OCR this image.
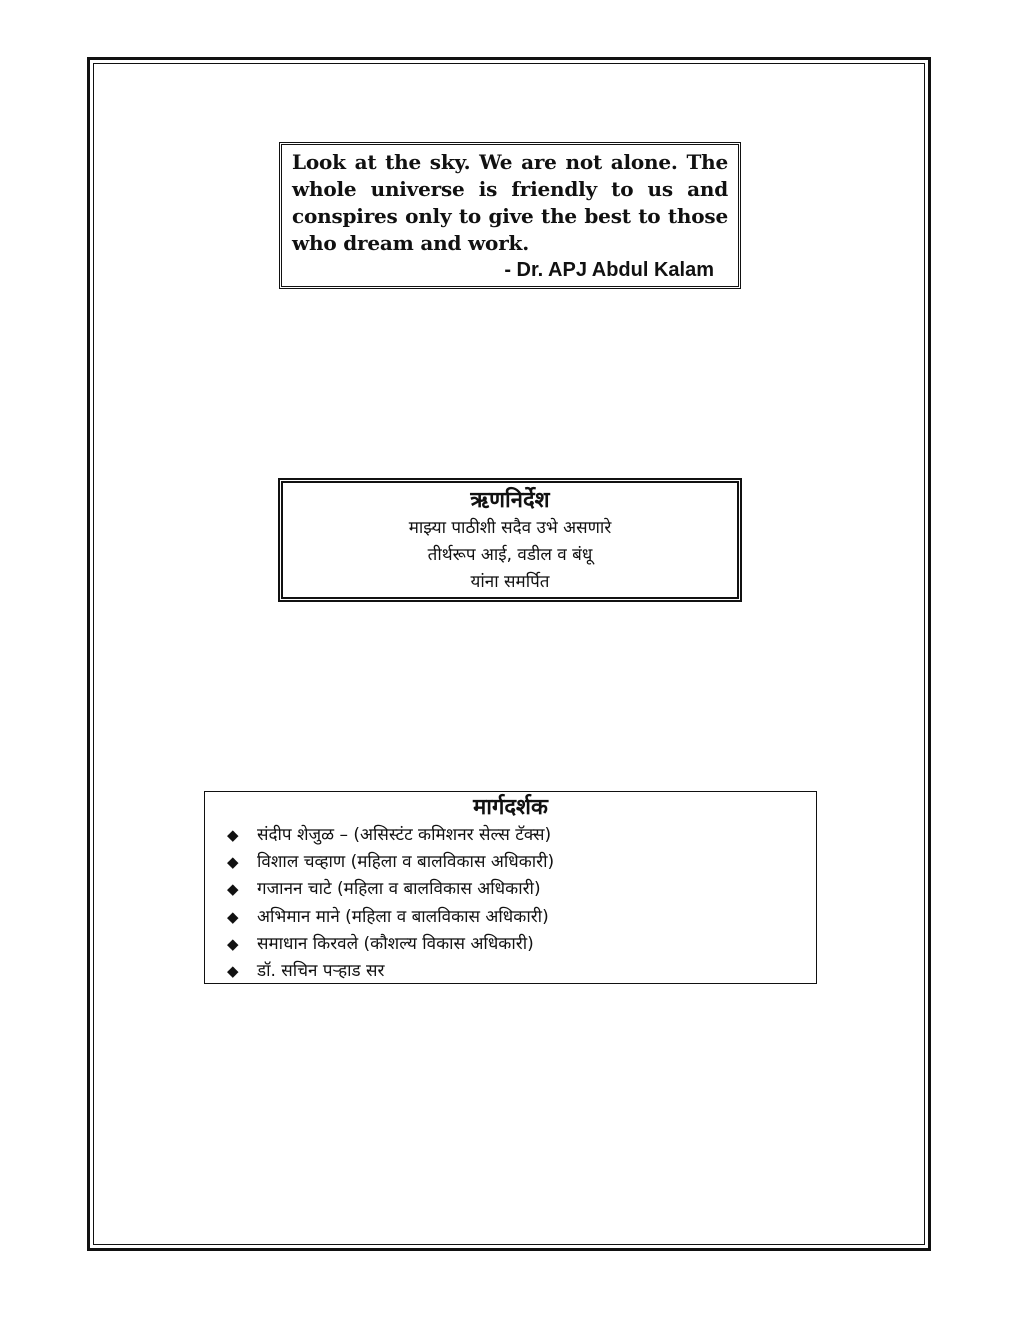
Look at the sky. We are not alone. The whole universe is friendly to us and conspires only to give the best to those who dream and work.

- Dr. APJ Abdul Kalam

ऋणनिर्देश

माझ्या पाठीशी सदैव उभे असणारे

तीर्थरूप आई, वडील व बंधू

यांना समर्पित

मार्गदर्शक

◆	संदीप शेजुळ – (असिस्टंट कमिशनर सेल्स टॅक्स)
◆	विशाल चव्हाण (महिला व बालविकास अधिकारी)
◆	गजानन चाटे (महिला व बालविकास अधिकारी)
◆	अभिमान माने (महिला व बालविकास अधिकारी)
◆	समाधान किरवले (कौशल्य विकास अधिकारी)
◆	डॉ. सचिन पऱ्हाड सर
